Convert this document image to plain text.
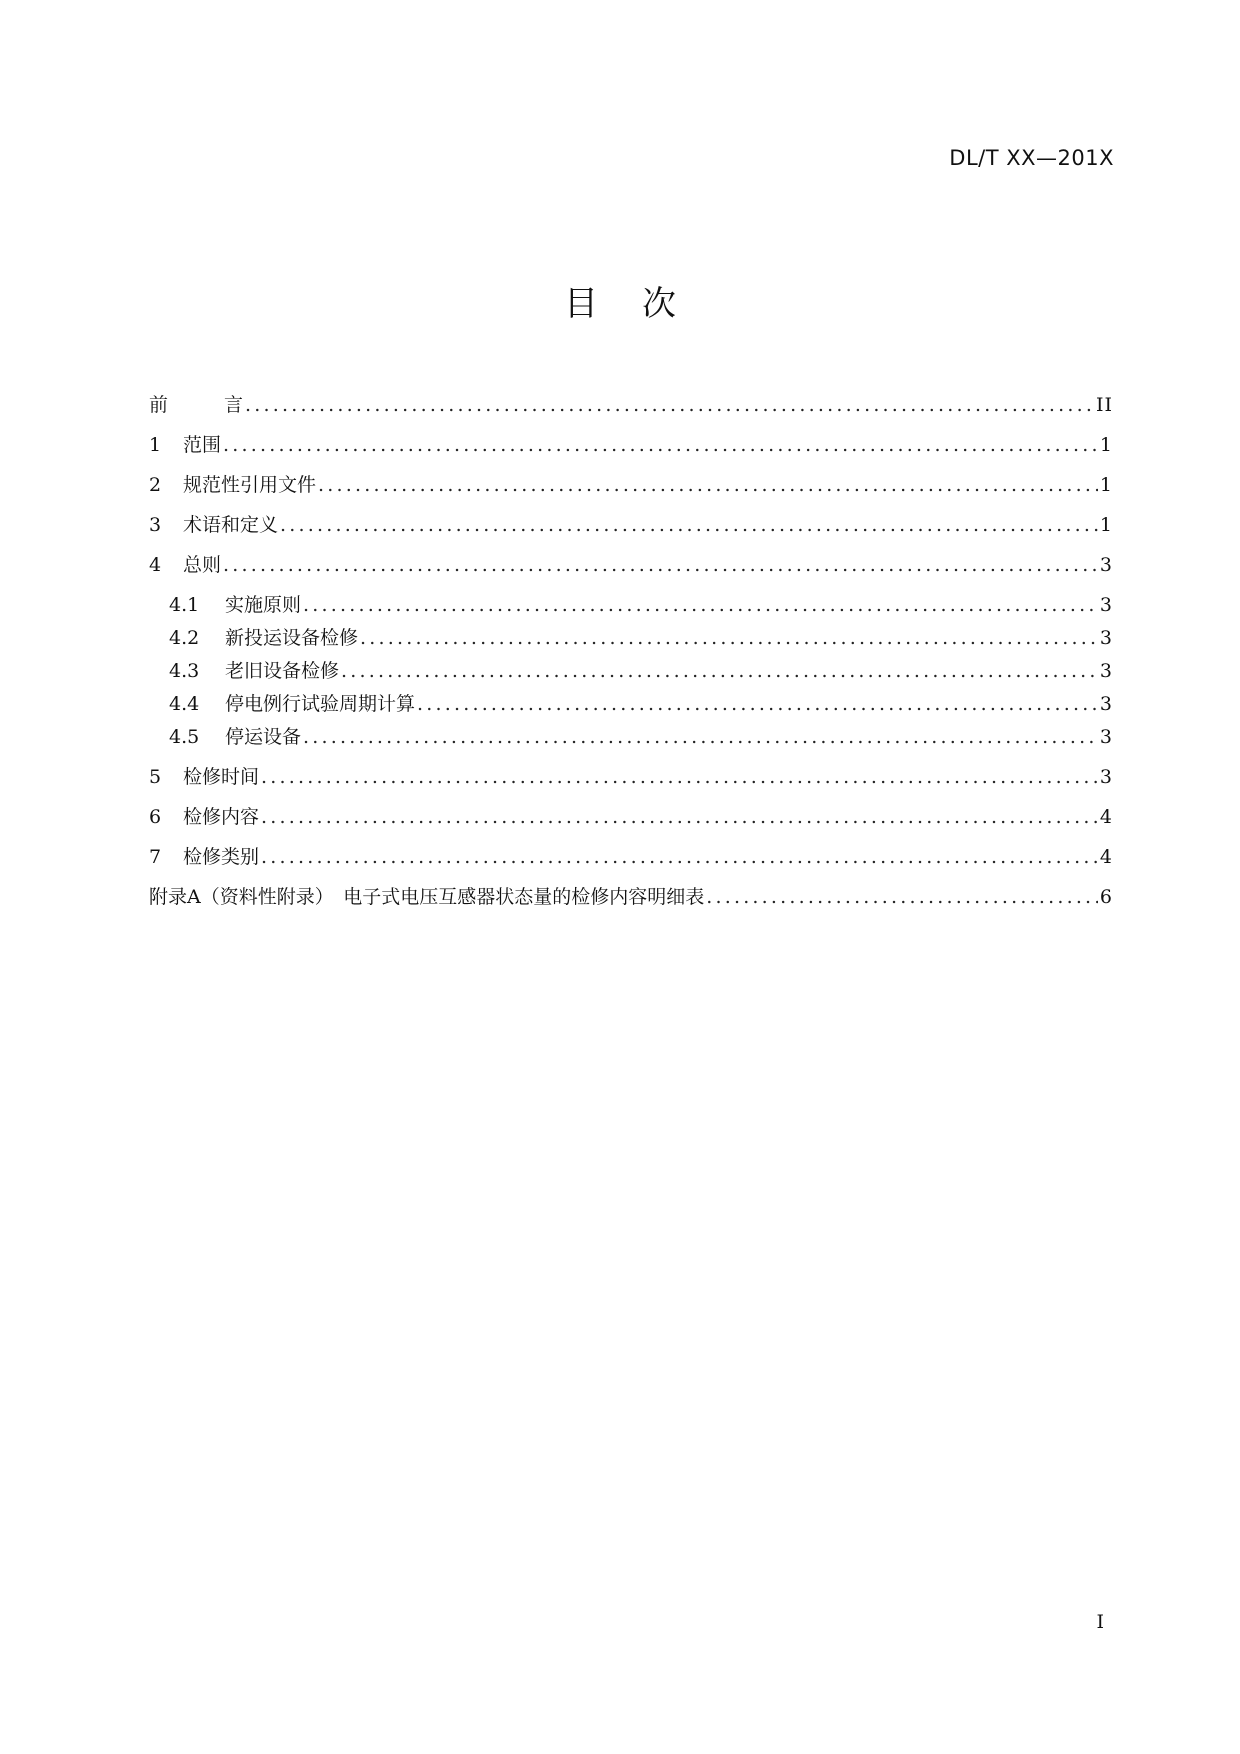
DL/T XX—201X
目次
前 言 .....	II
1	范围 .....	1
2	规范性引用文件 .....	1
3	术语和定义 .....	1
4	总则 .....	3
4.1	实施原则 .....	3
4.2	新投运设备检修 .....	3
4.3	老旧设备检修 .....	3
4.4	停电例行试验周期计算 .....	3
4.5	停运设备 .....	3
5	检修时间 .....	3
6	检修内容 .....	4
7	检修类别 .....	4
附录A（资料性附录）　电子式电压互感器状态量的检修内容明细表 .....	6
I
